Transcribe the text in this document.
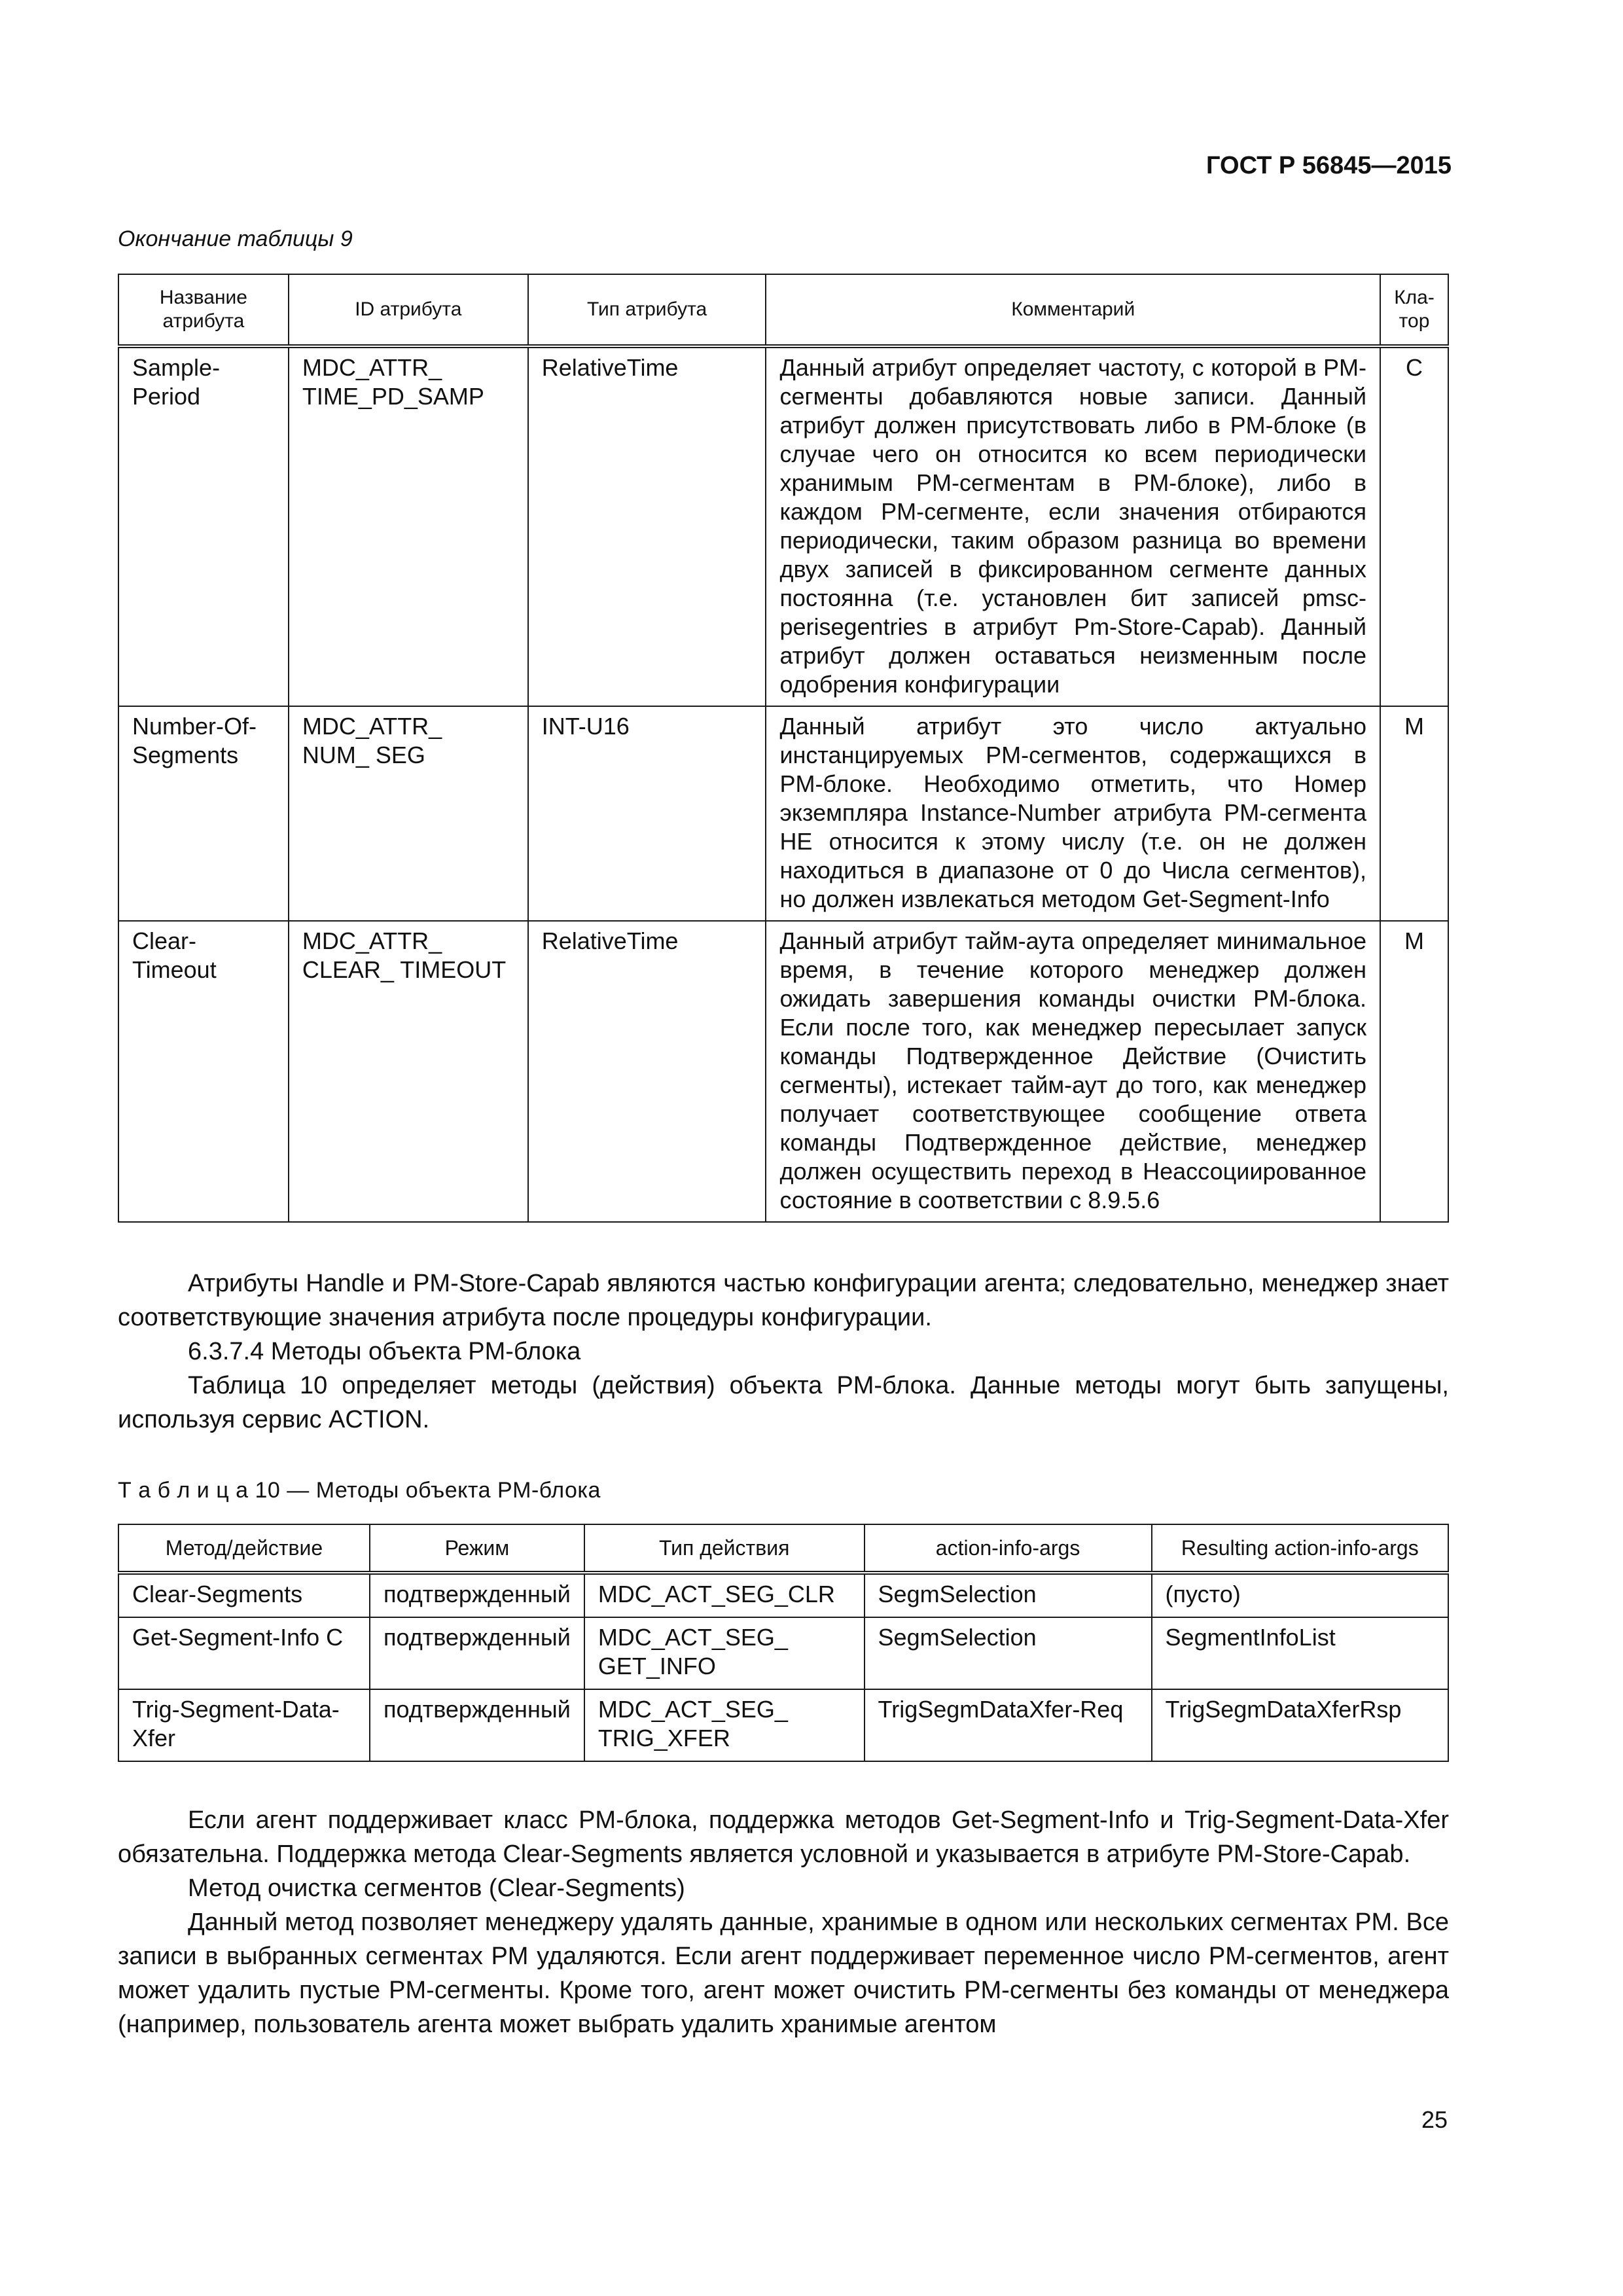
ГОСТ Р 56845—2015
Окончание таблицы 9
Название атрибута	ID атрибута	Тип атрибута	Комментарий	Кла-тор
Sample-Period	MDC_ATTR_ TIME_PD_SAMP	RelativeTime	Данный атрибут определяет частоту, с которой в PM-сегменты добавляются новые записи. Данный атрибут должен присутствовать либо в PM-блоке (в случае чего он относится ко всем периодически хранимым PM-сегментам в PM-блоке), либо в каждом PM-сегменте, если значения отбираются периодически, таким образом разница во времени двух записей в фиксированном сегменте данных постоянна (т.е. установлен бит записей pmsc-perisegentries в атрибут Pm-Store-Capab). Данный атрибут должен оставаться неизменным после одобрения конфигурации	C
Number-Of-Segments	MDC_ATTR_ NUM_ SEG	INT-U16	Данный атрибут это число актуально инстанцируемых PM-сегментов, содержащихся в PM-блоке. Необходимо отметить, что Номер экземпляра Instance-Number атрибута PM-сегмента НЕ относится к этому числу (т.е. он не должен находиться в диапазоне от 0 до Числа сегментов), но должен извлекаться методом Get-Segment-Info	M
Clear-Timeout	MDC_ATTR_ CLEAR_ TIMEOUT	RelativeTime	Данный атрибут тайм-аута определяет минимальное время, в течение которого менеджер должен ожидать завершения команды очистки PM-блока. Если после того, как менеджер пересылает запуск команды Подтвержденное Действие (Очистить сегменты), истекает тайм-аут до того, как менеджер получает соответствующее сообщение ответа команды Подтвержденное действие, менеджер должен осуществить переход в Неассоциированное состояние в соответствии с 8.9.5.6	M

Атрибуты Handle и PM-Store-Capab являются частью конфигурации агента; следовательно, менеджер знает соответствующие значения атрибута после процедуры конфигурации.

6.3.7.4 Методы объекта PM-блока

Таблица 10 определяет методы (действия) объекта PM-блока. Данные методы могут быть запущены, используя сервис ACTION.

Т а б л и ц а 10 — Методы объекта PM-блока
Метод/действие	Режим	Тип действия	action-info-args	Resulting action-info-args
Clear-Segments	подтвержденный	MDC_ACT_SEG_CLR	SegmSelection	(пусто)
Get-Segment-Info C	подтвержденный	MDC_ACT_SEG_ GET_INFO	SegmSelection	SegmentInfoList
Trig-Segment-Data-Xfer	подтвержденный	MDC_ACT_SEG_ TRIG_XFER	TrigSegmDataXfer-Req	TrigSegmDataXferRsp

Если агент поддерживает класс PM-блока, поддержка методов Get-Segment-Info и Trig-Segment-Data-Xfer обязательна. Поддержка метода Clear-Segments является условной и указывается в атрибуте PM-Store-Capab.

Метод очистка сегментов (Clear-Segments)

Данный метод позволяет менеджеру удалять данные, хранимые в одном или нескольких сегментах PM. Все записи в выбранных сегментах PM удаляются. Если агент поддерживает переменное число PM-сегментов, агент может удалить пустые PM-сегменты. Кроме того, агент может очистить PM-сегменты без команды от менеджера (например, пользователь агента может выбрать удалить хранимые агентом

25
